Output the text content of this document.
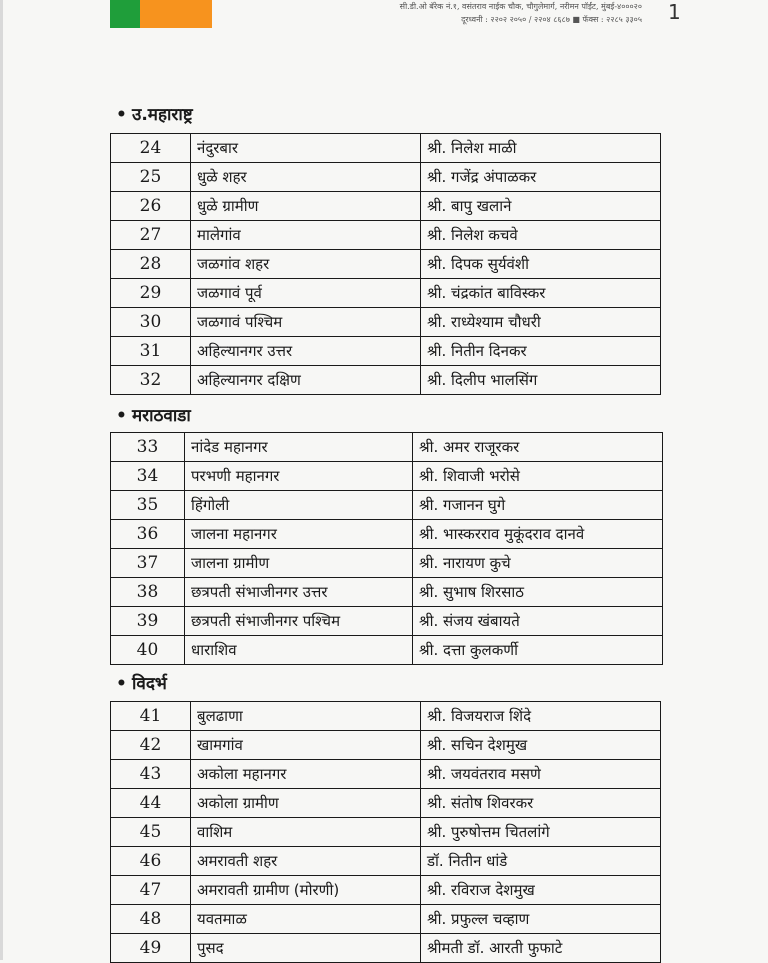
सी.डी.ओ बॅरेक नं.१, वसंतराव नाईक चौक, चौगुलेमार्ग, नरीमन पॉईंट, मुंबई-४०००२०
दूरध्वनी : २२०२ २०५० / २२०४ ८६८७ ■ फॅक्स : २२८५ ३३०५ 1
• उ.महाराष्ट्र
24	नंदुरबार	श्री. निलेश माळी
25	धुळे शहर	श्री. गजेंद्र अंपाळकर
26	धुळे ग्रामीण	श्री. बापु खलाने
27	मालेगांव	श्री. निलेश कचवे
28	जळगांव शहर	श्री. दिपक सुर्यवंशी
29	जळगावं पूर्व	श्री. चंद्रकांत बाविस्कर
30	जळगावं पश्चिम	श्री. राध्येश्याम चौधरी
31	अहिल्यानगर उत्तर	श्री. नितीन दिनकर
32	अहिल्यानगर दक्षिण	श्री. दिलीप भालसिंग
• मराठवाडा
33	नांदेड महानगर	श्री. अमर राजूरकर
34	परभणी महानगर	श्री. शिवाजी भरोसे
35	हिंगोली	श्री. गजानन घुगे
36	जालना महानगर	श्री. भास्करराव मुकूंदराव दानवे
37	जालना ग्रामीण	श्री. नारायण कुचे
38	छत्रपती संभाजीनगर उत्तर	श्री. सुभाष शिरसाठ
39	छत्रपती संभाजीनगर पश्चिम	श्री. संजय खंबायते
40	धाराशिव	श्री. दत्ता कुलकर्णी
• विदर्भ
41	बुलढाणा	श्री. विजयराज शिंदे
42	खामगांव	श्री. सचिन देशमुख
43	अकोला महानगर	श्री. जयवंतराव मसणे
44	अकोला ग्रामीण	श्री. संतोष शिवरकर
45	वाशिम	श्री. पुरुषोत्तम चितलांगे
46	अमरावती शहर	डॉ. नितीन धांडे
47	अमरावती ग्रामीण (मोरणी)	श्री. रविराज देशमुख
48	यवतमाळ	श्री. प्रफुल्ल चव्हाण
49	पुसद	श्रीमती डॉ. आरती फुफाटे
